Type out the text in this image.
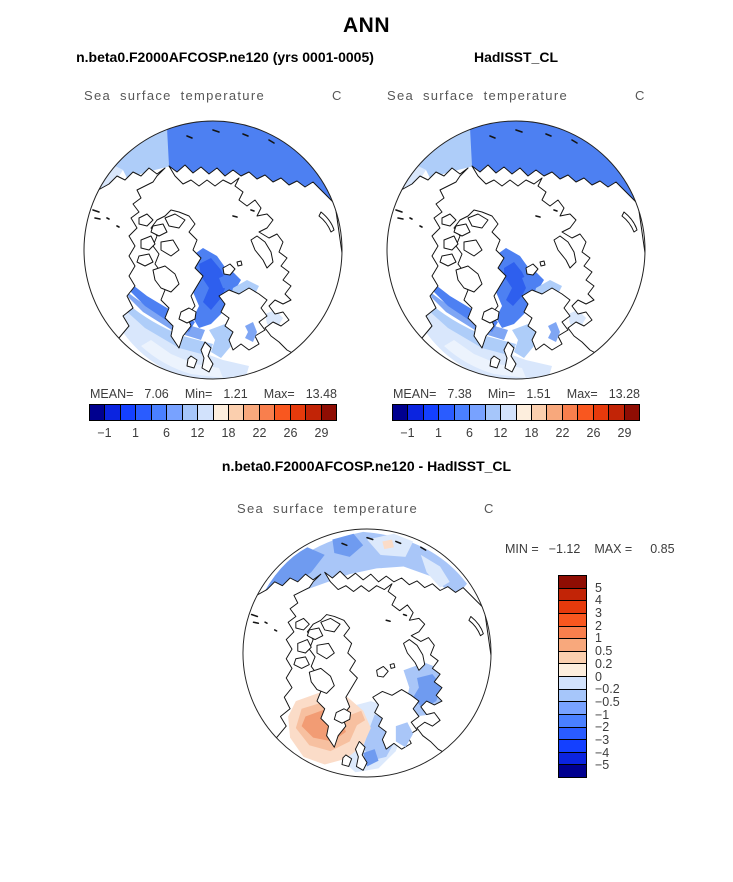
ANN
n.beta0.F2000AFCOSP.ne120 (yrs 0001-0005)	HadISST_CL
Sea surface temperature	C	Sea surface temperature	C
MEAN= 7.06 Min= 1.21 Max= 13.48
−1 1 6 12 18 22 26 29
MEAN= 7.38 Min= 1.51 Max= 13.28
−1 1 6 12 18 22 26 29
n.beta0.F2000AFCOSP.ne120 - HadISST_CL
Sea surface temperature	C
MIN = −1.12 MAX = 0.85
5
4
3
2
1
0.5
0.2
0
−0.2
−0.5
−1
−2
−3
−4
−5
